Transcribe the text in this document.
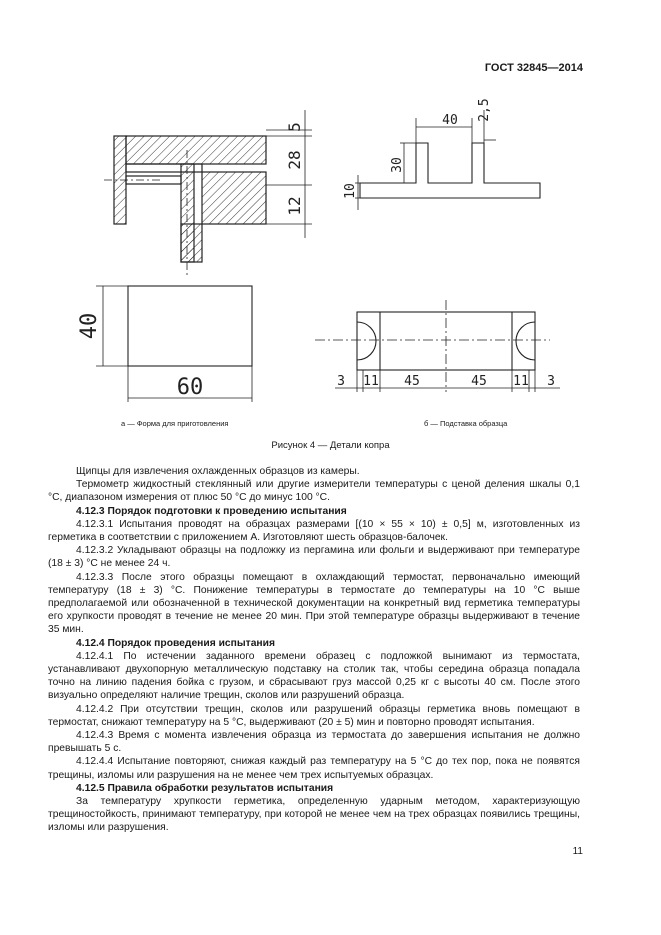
ГОСТ 32845—2014
5
28
12
40 2,5
30
10
40
60	3 11 45	45 11 3
а — Форма для приготовления	б — Подставка образца
Рисунок 4 — Детали копра

Щипцы для извлечения охлажденных образцов из камеры.

Термометр жидкостный стеклянный или другие измерители температуры с ценой деления шкалы 0,1 °С, диапазоном измерения от плюс 50 °С до минус 100 °С.

4.12.3 Порядок подготовки к проведению испытания

4.12.3.1 Испытания проводят на образцах размерами [(10 × 55 × 10) ± 0,5] м, изготовленных из герметика в соответствии с приложением А. Изготовляют шесть образцов-балочек.

4.12.3.2 Укладывают образцы на подложку из пергамина или фольги и выдерживают при температуре (18 ± 3) °С не менее 24 ч.

4.12.3.3 После этого образцы помещают в охлаждающий термостат, первоначально имеющий температуру (18 ± 3) °С. Понижение температуры в термостате до температуры на 10 °С выше предполагаемой или обозначенной в технической документации на конкретный вид герметика температуры его хрупкости проводят в течение не менее 20 мин. При этой температуре образцы выдерживают в течение 35 мин.

4.12.4 Порядок проведения испытания

4.12.4.1 По истечении заданного времени образец с подложкой вынимают из термостата, устанавливают двухопорную металлическую подставку на столик так, чтобы середина образца попадала точно на линию падения бойка с грузом, и сбрасывают груз массой 0,25 кг с высоты 40 см. После этого визуально определяют наличие трещин, сколов или разрушений образца.

4.12.4.2 При отсутствии трещин, сколов или разрушений образцы герметика вновь помещают в термостат, снижают температуру на 5 °С, выдерживают (20 ± 5) мин и повторно проводят испытания.

4.12.4.3 Время с момента извлечения образца из термостата до завершения испытания не должно превышать 5 с.

4.12.4.4 Испытание повторяют, снижая каждый раз температуру на 5 °С до тех пор, пока не появятся трещины, изломы или разрушения на не менее чем трех испытуемых образцах.

4.12.5 Правила обработки результатов испытания

За температуру хрупкости герметика, определенную ударным методом, характеризующую трещиностойкость, принимают температуру, при которой не менее чем на трех образцах появились трещины, изломы или разрушения.

11
